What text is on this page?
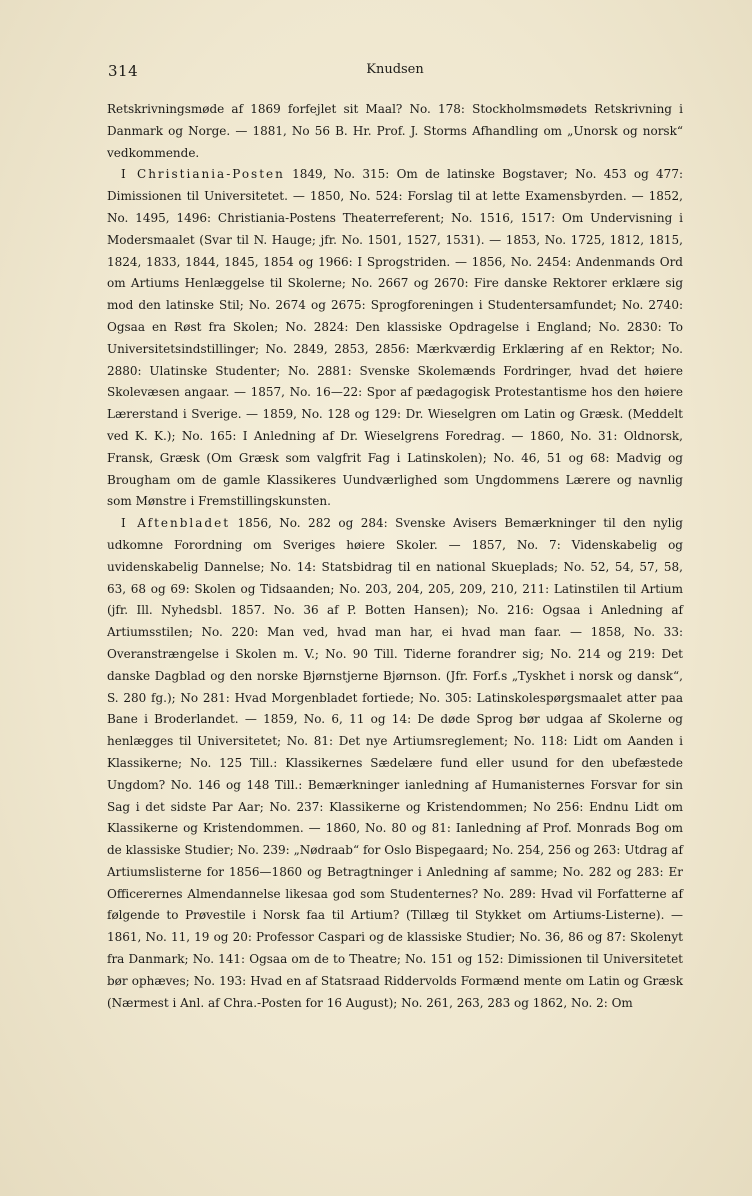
314	Knudsen

Retskrivningsmøde af 1869 forfejlet sit Maal? No. 178: Stockholmsmødets Retskrivning i Danmark og Norge. — 1881, No 56 B. Hr. Prof. J. Storms Afhandling om „Unorsk og norsk“ vedkommende.

I Christiania-Posten 1849, No. 315: Om de latinske Bogstaver; No. 453 og 477: Dimissionen til Universitetet. — 1850, No. 524: Forslag til at lette Examensbyrden. — 1852, No. 1495, 1496: Christiania-Postens Theaterreferent; No. 1516, 1517: Om Undervisning i Modersmaalet (Svar til N. Hauge; jfr. No. 1501, 1527, 1531). — 1853, No. 1725, 1812, 1815, 1824, 1833, 1844, 1845, 1854 og 1966: I Sprogstriden. — 1856, No. 2454: Andenmands Ord om Artiums Henlæggelse til Skolerne; No. 2667 og 2670: Fire danske Rektorer erklære sig mod den latinske Stil; No. 2674 og 2675: Sprogforeningen i Studentersamfundet; No. 2740: Ogsaa en Røst fra Skolen; No. 2824: Den klassiske Opdragelse i England; No. 2830: To Universitetsindstillinger; No. 2849, 2853, 2856: Mærkværdig Erklæring af en Rektor; No. 2880: Ulatinske Studenter; No. 2881: Svenske Skolemænds Fordringer, hvad det høiere Skolevæsen angaar. — 1857, No. 16—22: Spor af pædagogisk Protestantisme hos den høiere Lærerstand i Sverige. — 1859, No. 128 og 129: Dr. Wieselgren om Latin og Græsk. (Meddelt ved K. K.); No. 165: I Anledning af Dr. Wieselgrens Foredrag. — 1860, No. 31: Oldnorsk, Fransk, Græsk (Om Græsk som valgfrit Fag i Latinskolen); No. 46, 51 og 68: Madvig og Brougham om de gamle Klassikeres Uundværlighed som Ungdommens Lærere og navnlig som Mønstre i Fremstillingskunsten.

I Aftenbladet 1856, No. 282 og 284: Svenske Avisers Bemærkninger til den nylig udkomne Forordning om Sveriges høiere Skoler. — 1857, No. 7: Videnskabelig og uvidenskabelig Dannelse; No. 14: Statsbidrag til en national Skueplads; No. 52, 54, 57, 58, 63, 68 og 69: Skolen og Tidsaanden; No. 203, 204, 205, 209, 210, 211: Latinstilen til Artium (jfr. Ill. Nyhedsbl. 1857. No. 36 af P. Botten Hansen); No. 216: Ogsaa i Anledning af Artiumsstilen; No. 220: Man ved, hvad man har, ei hvad man faar. — 1858, No. 33: Overanstrængelse i Skolen m. V.; No. 90 Till. Tiderne forandrer sig; No. 214 og 219: Det danske Dagblad og den norske Bjørnstjerne Bjørnson. (Jfr. Forf.s „Tyskhet i norsk og dansk“, S. 280 fg.); No 281: Hvad Morgenbladet fortiede; No. 305: Latinskolespørgsmaalet atter paa Bane i Broderlandet. — 1859, No. 6, 11 og 14: De døde Sprog bør udgaa af Skolerne og henlægges til Universitetet; No. 81: Det nye Artiumsreglement; No. 118: Lidt om Aanden i Klassikerne; No. 125 Till.: Klassikernes Sædelære fund eller usund for den ubefæstede Ungdom? No. 146 og 148 Till.: Bemærkninger ianledning af Humanisternes Forsvar for sin Sag i det sidste Par Aar; No. 237: Klassikerne og Kristendommen; No 256: Endnu Lidt om Klassikerne og Kristendommen. — 1860, No. 80 og 81: Ianledning af Prof. Monrads Bog om de klassiske Studier; No. 239: „Nødraab“ for Oslo Bispegaard; No. 254, 256 og 263: Utdrag af Artiumslisterne for 1856—1860 og Betragtninger i Anledning af samme; No. 282 og 283: Er Officerernes Almendannelse likesaa god som Studenternes? No. 289: Hvad vil Forfatterne af følgende to Prøvestile i Norsk faa til Artium? (Tillæg til Stykket om Artiums-Listerne). — 1861, No. 11, 19 og 20: Professor Caspari og de klassiske Studier; No. 36, 86 og 87: Skolenyt fra Danmark; No. 141: Ogsaa om de to Theatre; No. 151 og 152: Dimissionen til Universitetet bør ophæves; No. 193: Hvad en af Statsraad Riddervolds Formænd mente om Latin og Græsk (Nærmest i Anl. af Chra.-Posten for 16 August); No. 261, 263, 283 og 1862, No. 2: Om
